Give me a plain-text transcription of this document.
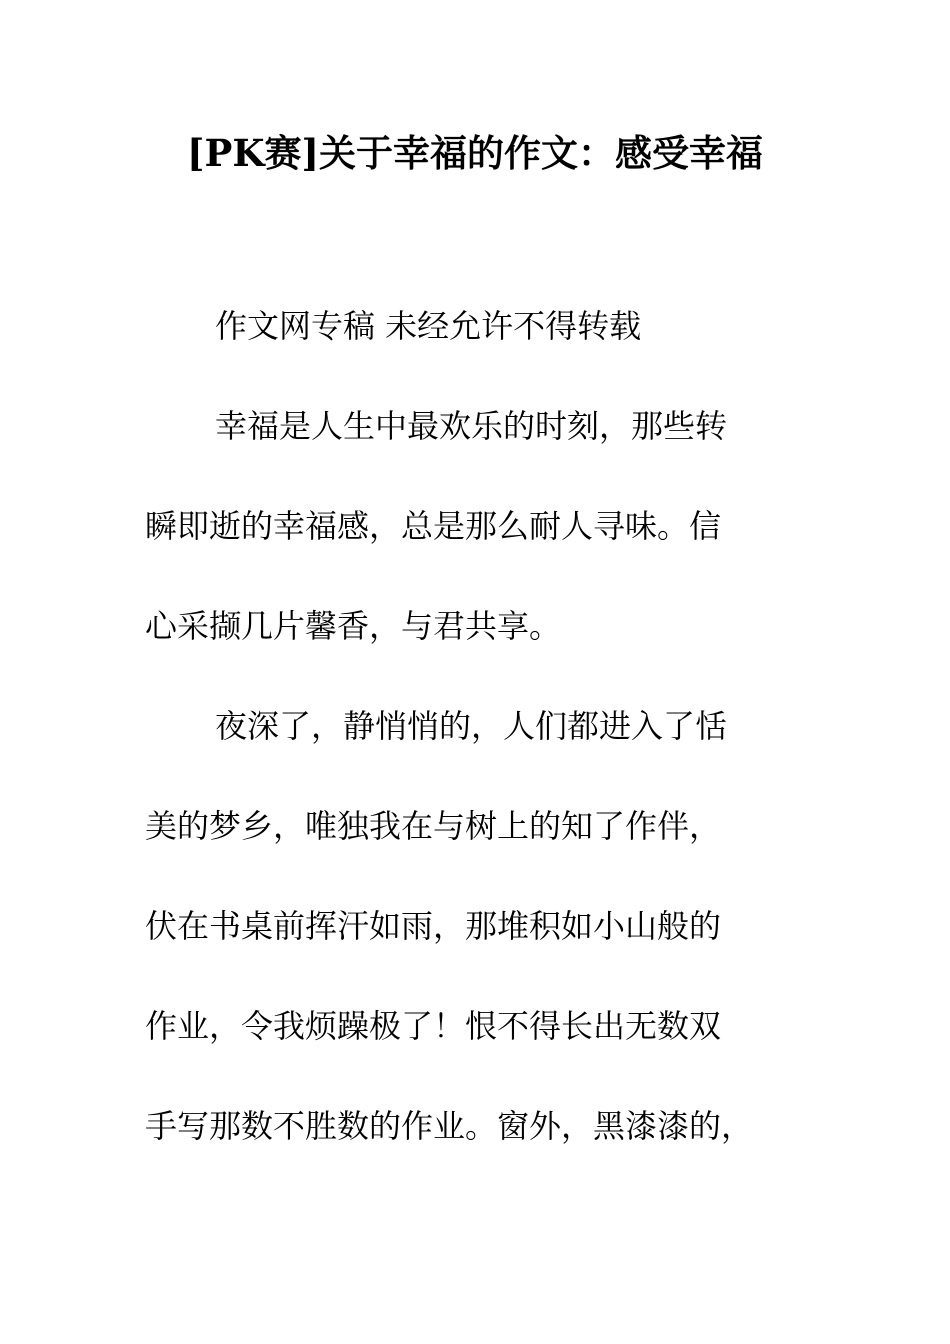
[PK赛]关于幸福的作文：感受幸福
作文网专稿 未经允许不得转载
幸福是人生中最欢乐的时刻，那些转
瞬即逝的幸福感，总是那么耐人寻味。信
心采撷几片馨香，与君共享。
夜深了，静悄悄的，人们都进入了恬
美的梦乡，唯独我在与树上的知了作伴，
伏在书桌前挥汗如雨，那堆积如小山般的
作业，令我烦躁极了！恨不得长出无数双
手写那数不胜数的作业。窗外，黑漆漆的，
